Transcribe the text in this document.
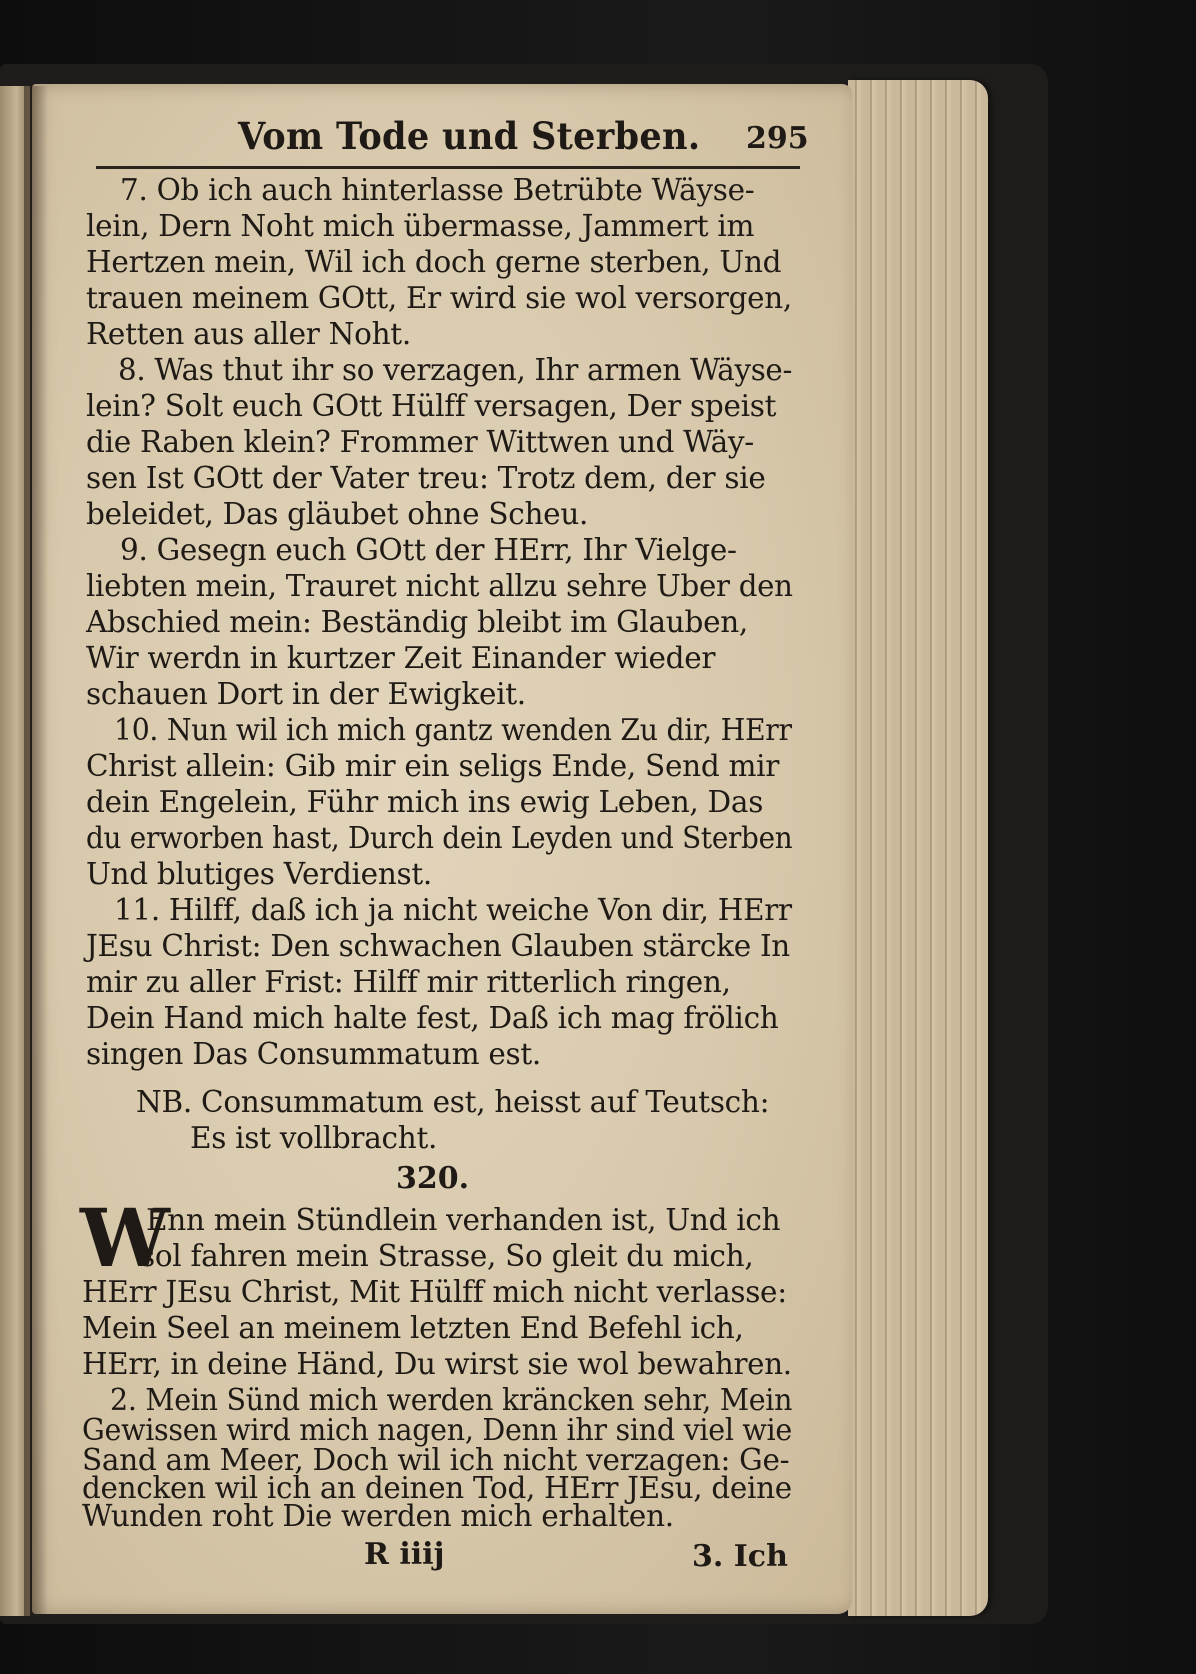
Vom Tode und Sterben. 295
7. Ob ich auch hinterlasse Betrübte Wäyse-
lein, Dern Noht mich übermasse, Jammert im
Hertzen mein, Wil ich doch gerne sterben, Und
trauen meinem GOtt, Er wird sie wol versorgen,
Retten aus aller Noht.
8. Was thut ihr so verzagen, Ihr armen Wäyse-
lein? Solt euch GOtt Hülff versagen, Der speist
die Raben klein? Frommer Wittwen und Wäy-
sen Ist GOtt der Vater treu: Trotz dem, der sie
beleidet, Das gläubet ohne Scheu.
9. Gesegn euch GOtt der HErr, Ihr Vielge-
liebten mein, Trauret nicht allzu sehre Uber den
Abschied mein: Beständig bleibt im Glauben,
Wir werdn in kurtzer Zeit Einander wieder
schauen Dort in der Ewigkeit.
10. Nun wil ich mich gantz wenden Zu dir, HErr
Christ allein: Gib mir ein seligs Ende, Send mir
dein Engelein, Führ mich ins ewig Leben, Das
du erworben hast, Durch dein Leyden und Sterben
Und blutiges Verdienst.
11. Hilff, daß ich ja nicht weiche Von dir, HErr
JEsu Christ: Den schwachen Glauben stärcke In
mir zu aller Frist: Hilff mir ritterlich ringen,
Dein Hand mich halte fest, Daß ich mag frölich
singen Das Consummatum est.
NB. Consummatum est, heisst auf Teutsch:
Es ist vollbracht.
320.
W
Enn mein Stündlein verhanden ist, Und ich
sol fahren mein Strasse, So gleit du mich,
HErr JEsu Christ, Mit Hülff mich nicht verlasse:
Mein Seel an meinem letzten End Befehl ich,
HErr, in deine Händ, Du wirst sie wol bewahren.
2. Mein Sünd mich werden kräncken sehr, Mein
Gewissen wird mich nagen, Denn ihr sind viel wie
Sand am Meer, Doch wil ich nicht verzagen: Ge-
dencken wil ich an deinen Tod, HErr JEsu, deine
R iiij	3. Ich
Wunden roht Die werden mich erhalten.
